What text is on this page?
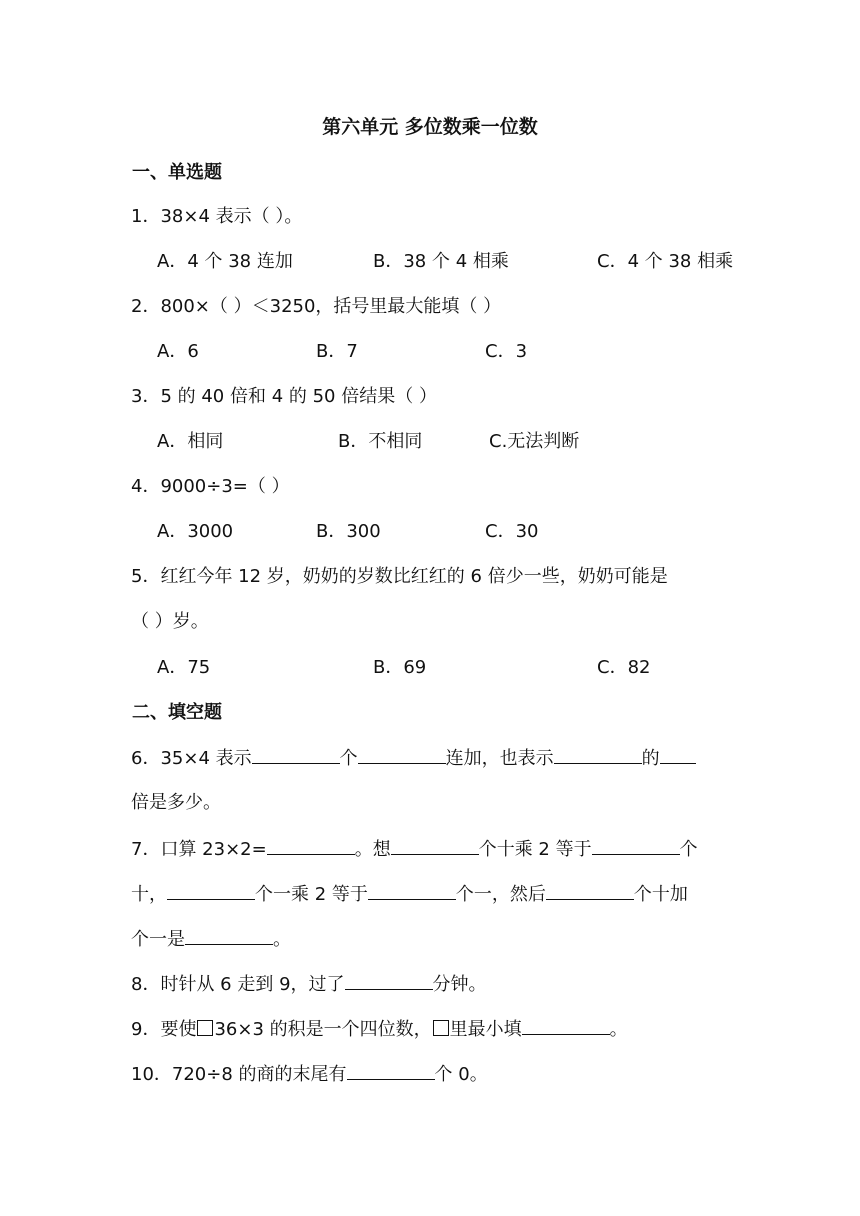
第六单元 多位数乘一位数
一、单选题
1．38×4 表示（ ）。
A．4 个 38 连加	B．38 个 4 相乘	C．4 个 38 相乘
2．800×（ ）＜3250，括号里最大能填（ ）
A．6	B．7	C．3
3．5 的 40 倍和 4 的 50 倍结果（ ）
A．相同	B．不相同	C.无法判断
4．9000÷3=（ ）
A．3000	B．300	C．30
5．红红今年 12 岁，奶奶的岁数比红红的 6 倍少一些，奶奶可能是
（ ）岁。
A．75	B．69	C．82
二、填空题
6．35×4 表示	个	连加，也表示	的
倍是多少。
7．口算 23×2=	。想	个十乘 2 等于	个
十，	个一乘 2 等于	个一，然后	个十加
个一是	。
8．时针从 6 走到 9，过了	分钟。
9．要使 36×3 的积是一个四位数， 里最小填	。
10．720÷8 的商的末尾有	个 0。
